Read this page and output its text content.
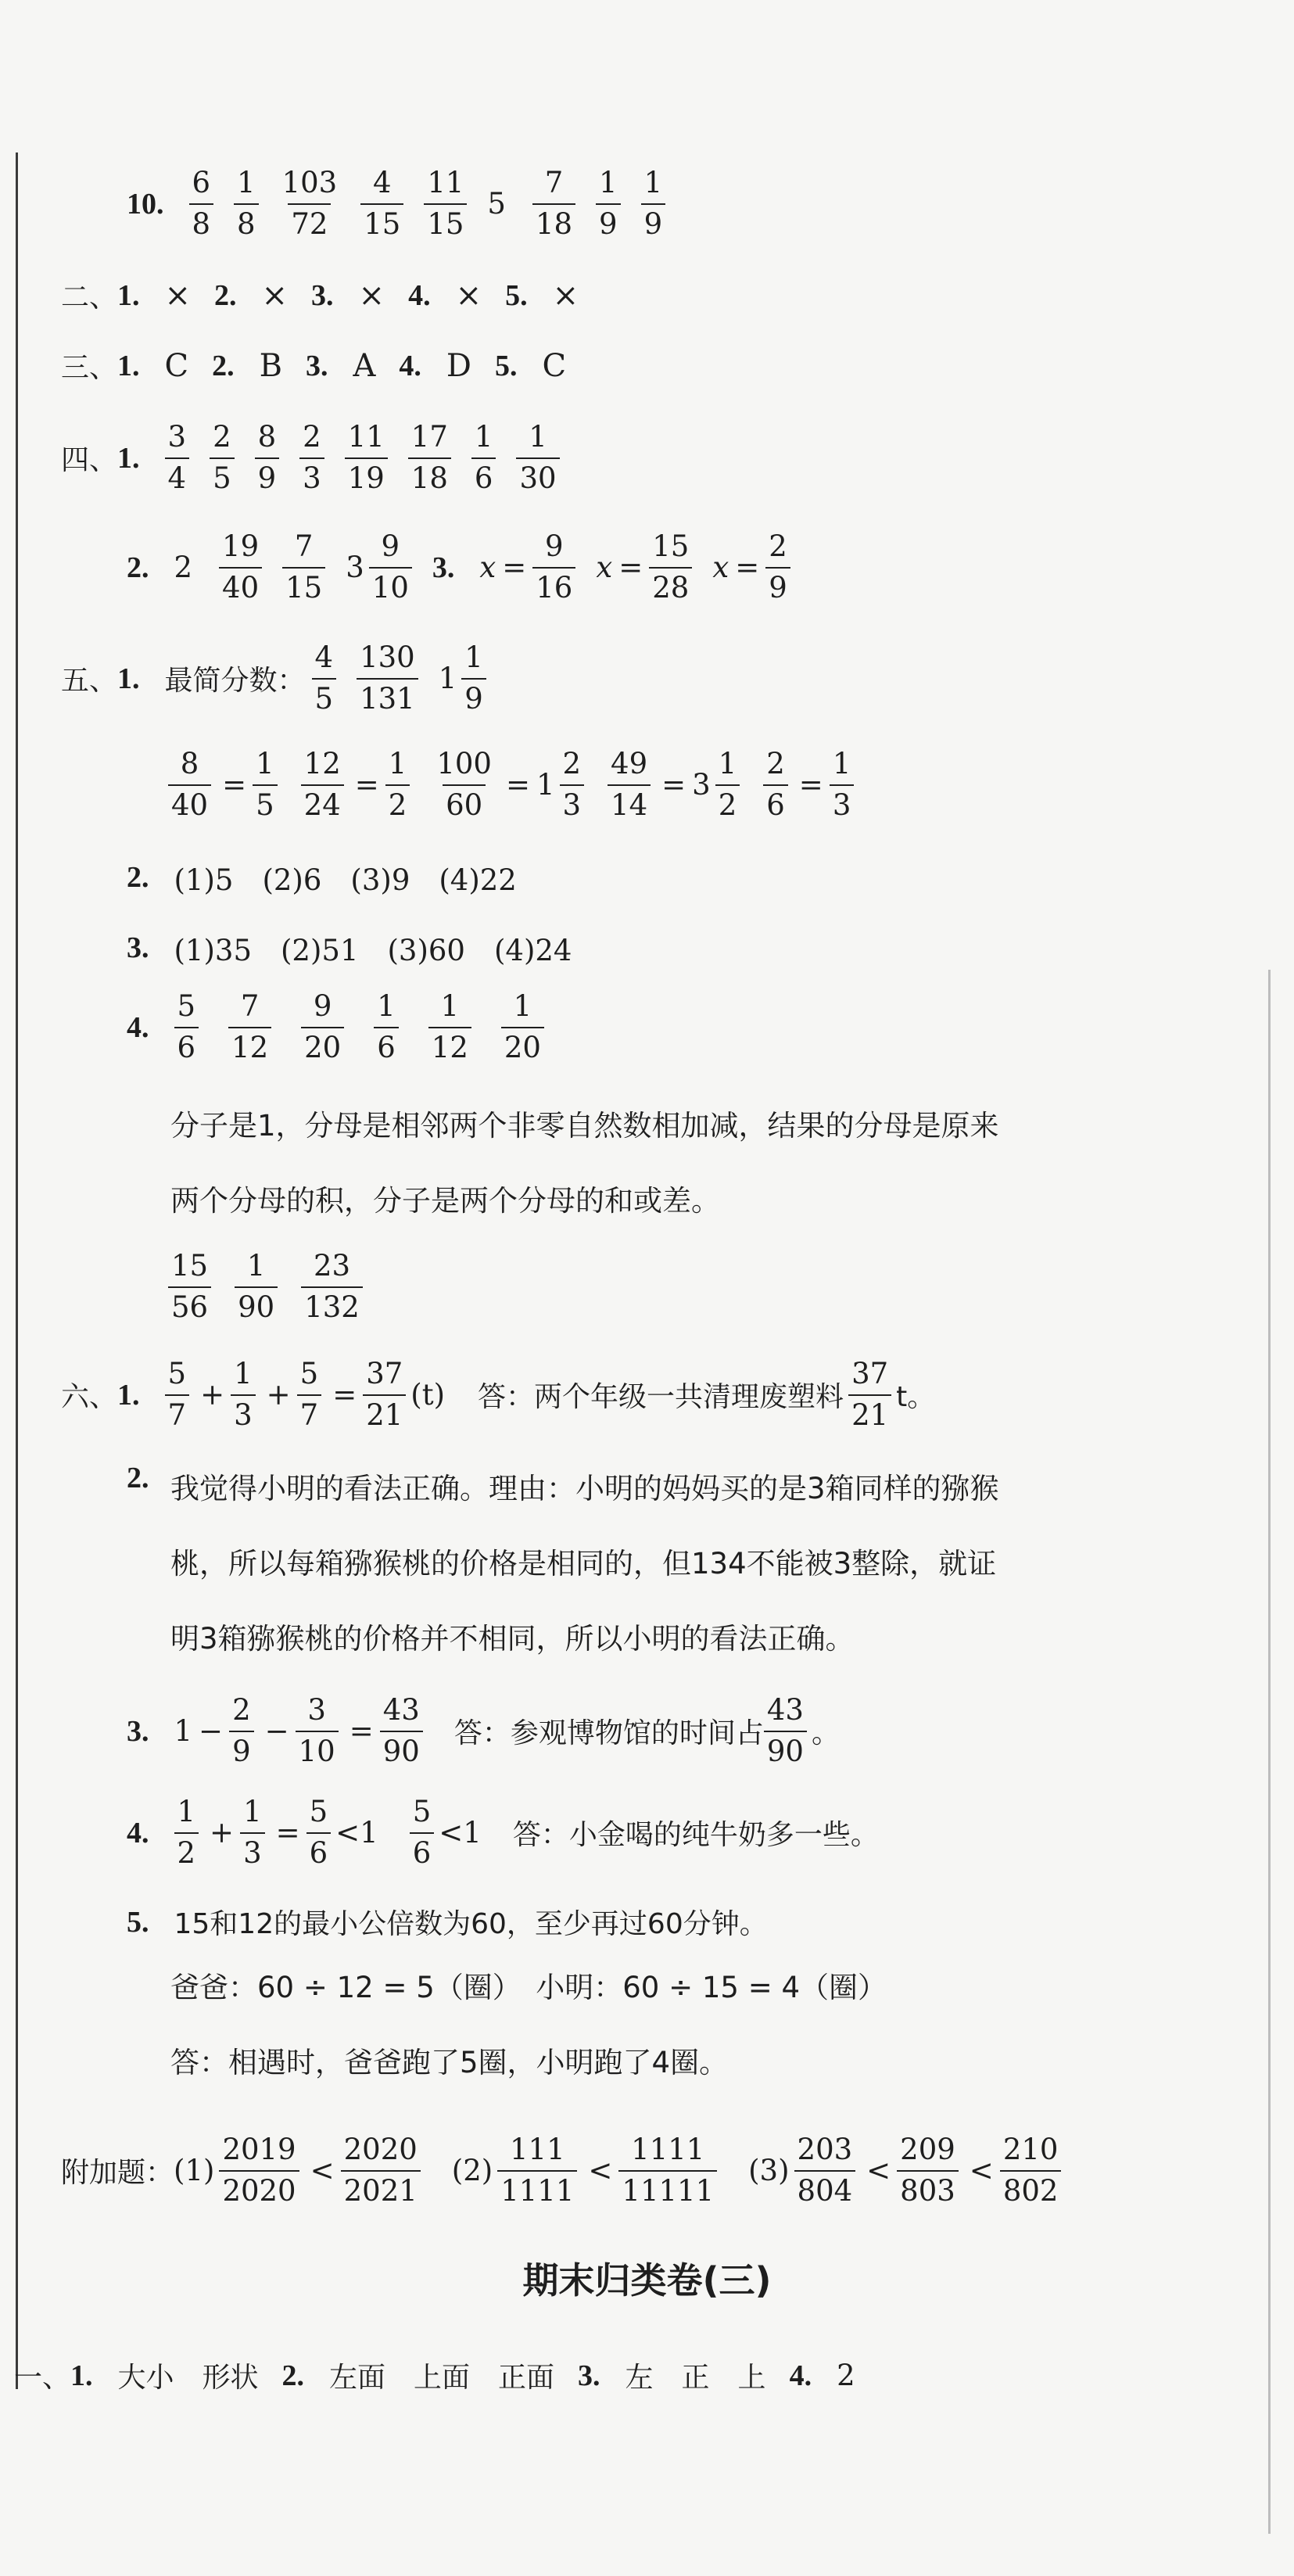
10. $\frac{6}{8} \frac{1}{8} \frac{103}{72} \frac{4}{15} \frac{11}{15} 5 \frac{7}{18} \frac{1}{9} \frac{1}{9}$
二、 1. × 2. × 3. × 4. × 5. ×
三、 1. C 2. B 3. A 4. D 5. C
四、 1. $\frac{3}{4} \frac{2}{5} \frac{8}{9} \frac{2}{3} \frac{11}{19} \frac{17}{18} \frac{1}{6} \frac{1}{30}$
2. $2 \frac{19}{40} \frac{7}{15} 3 \frac{9}{10} 3$. $x = \frac{9}{16}$ $x = \frac{15}{28}$ $x = \frac{2}{9}$
五、 1. 最简分数： $\frac{4}{5} \frac{130}{131} 1 \frac{1}{9}$
$\frac{8}{40} = \frac{1}{5} \frac{12}{24} = \frac{1}{2} \frac{100}{60} = 1 \frac{2}{3} \frac{49}{14} = 3 \frac{1}{2} \frac{2}{6} = \frac{1}{3}$
2. (1)5　(2)6　(3)9　(4)22
3. (1)35　(2)51　(3)60　(4)24
4. $\frac{5}{6} \frac{7}{12} \frac{9}{20} \frac{1}{6} \frac{1}{12} \frac{1}{20}$
分子是1，分母是相邻两个非零自然数相加减，结果的分母是原来
两个分母的积，分子是两个分母的和或差。
$\frac{15}{56} \frac{1}{90} \frac{23}{132}$
六、 1. $\frac{5}{7} + \frac{1}{3} + \frac{5}{7} = \frac{37}{21} (t)$ 答：两个年级一共清理废塑料 $\frac{37}{21}$ t。
2. 我觉得小明的看法正确。理由：小明的妈妈买的是3箱同样的猕猴
桃，所以每箱猕猴桃的价格是相同的，但134不能被3整除，就证
明3箱猕猴桃的价格并不相同，所以小明的看法正确。
3. $1 - \frac{2}{9} - \frac{3}{10} = \frac{43}{90}$ 答：参观博物馆的时间占 $\frac{43}{90}$ 。
4. $\frac{1}{2} + \frac{1}{3} = \frac{5}{6} <1 \frac{5}{6} <1$ 答：小金喝的纯牛奶多一些。
5. 15和12的最小公倍数为60，至少再过60分钟。
爸爸：60 ÷ 12 = 5（圈）　小明：60 ÷ 15 = 4（圈）
答：相遇时，爸爸跑了5圈，小明跑了4圈。
附加题： $(1) \frac{2019}{2020} < \frac{2020}{2021} (2) \frac{111}{1111} < \frac{1111}{11111} (3) \frac{203}{804} < \frac{209}{803} < \frac{210}{802}$
期末归类卷(三)
一、 1. 大小　形状 2. 左面　上面　正面 3. 左　正　上 4. 2
